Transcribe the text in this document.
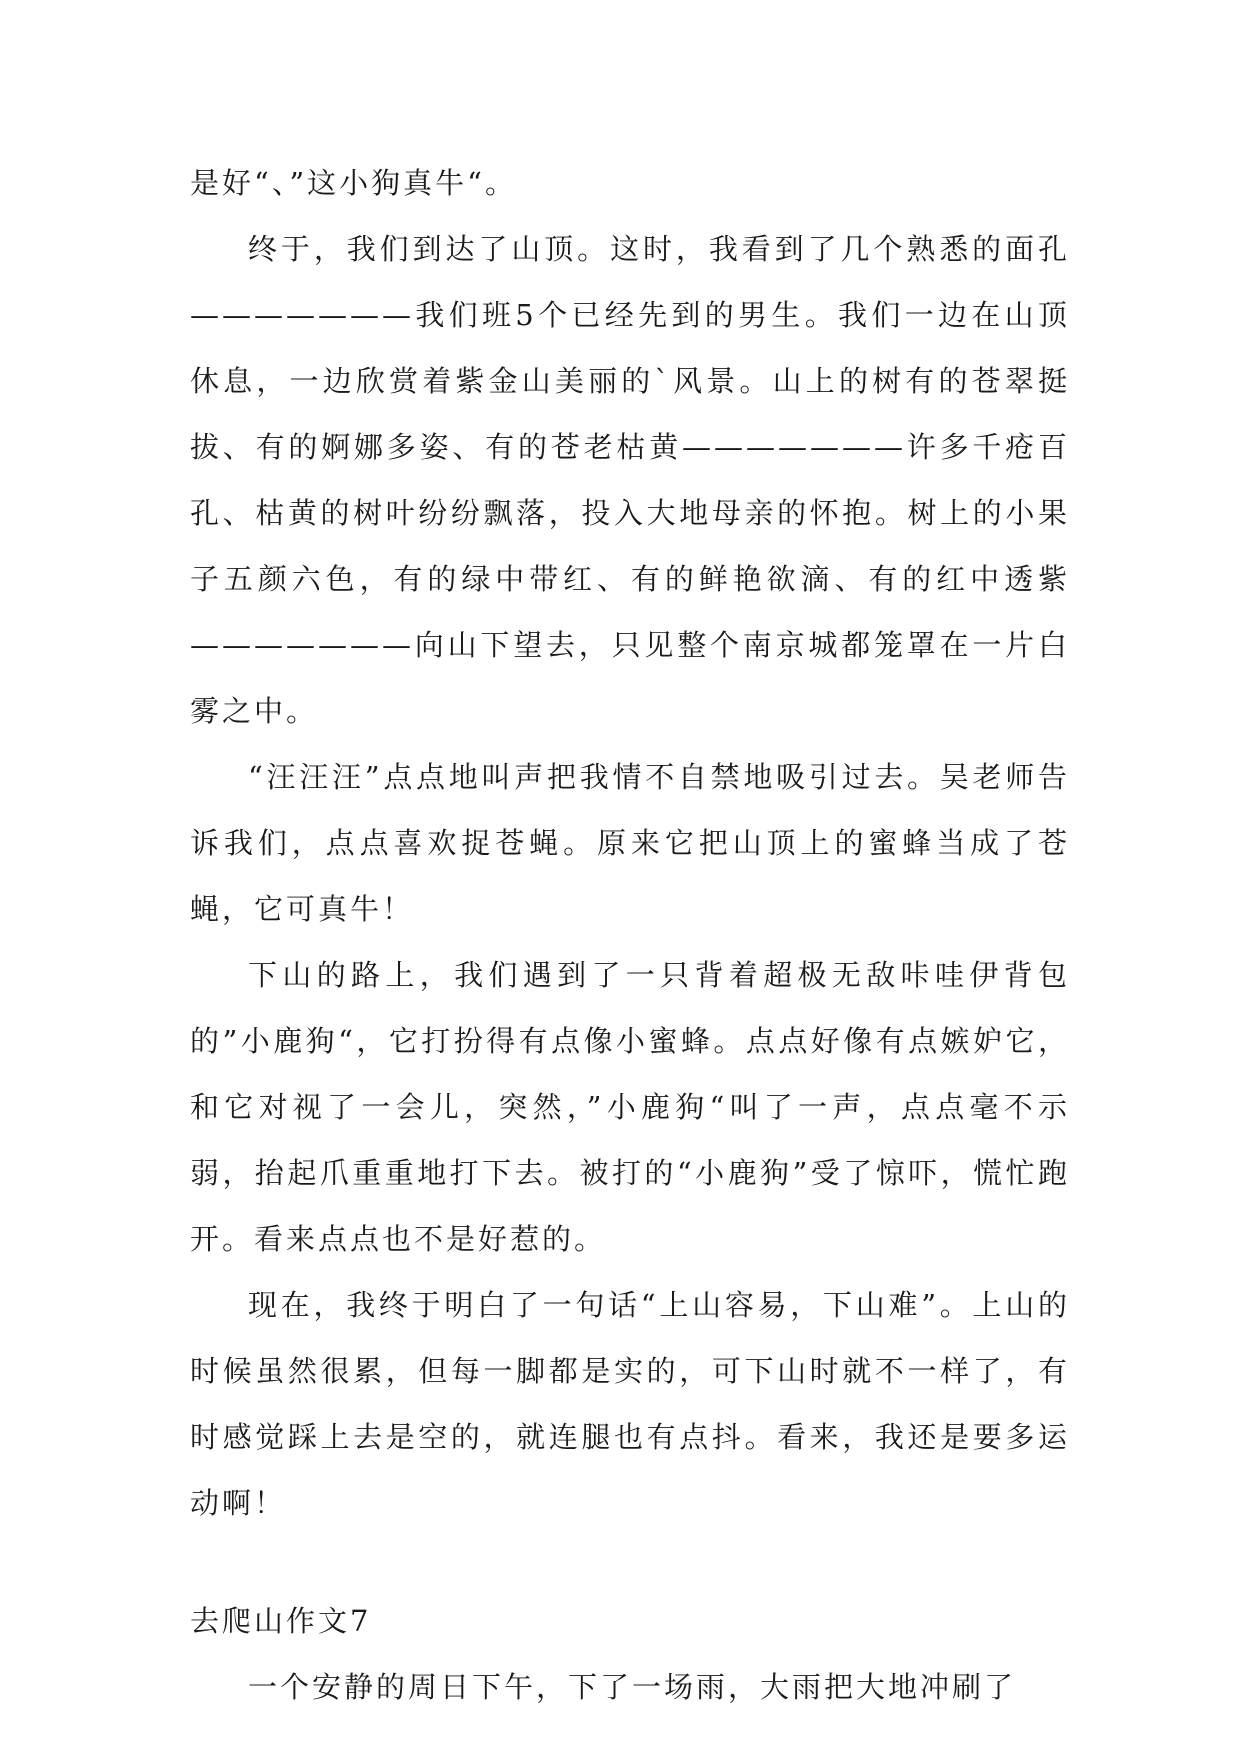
是好“、”这小狗真牛“。

终于，我们到达了山顶。这时，我看到了几个熟悉的面孔———————我们班5个已经先到的男生。我们一边在山顶休息，一边欣赏着紫金山美丽的`风景。山上的树有的苍翠挺拔、有的婀娜多姿、有的苍老枯黄———————许多千疮百孔、枯黄的树叶纷纷飘落，投入大地母亲的怀抱。树上的小果子五颜六色，有的绿中带红、有的鲜艳欲滴、有的红中透紫———————向山下望去，只见整个南京城都笼罩在一片白雾之中。

“汪汪汪”点点地叫声把我情不自禁地吸引过去。吴老师告诉我们，点点喜欢捉苍蝇。原来它把山顶上的蜜蜂当成了苍蝇，它可真牛！

下山的路上，我们遇到了一只背着超极无敌咔哇伊背包的”小鹿狗“，它打扮得有点像小蜜蜂。点点好像有点嫉妒它，和它对视了一会儿，突然，”小鹿狗“叫了一声，点点毫不示弱，抬起爪重重地打下去。被打的“小鹿狗”受了惊吓，慌忙跑开。看来点点也不是好惹的。

现在，我终于明白了一句话“上山容易，下山难”。上山的时候虽然很累，但每一脚都是实的，可下山时就不一样了，有时感觉踩上去是空的，就连腿也有点抖。看来，我还是要多运动啊！

去爬山作文7

一个安静的周日下午，下了一场雨，大雨把大地冲刷了
